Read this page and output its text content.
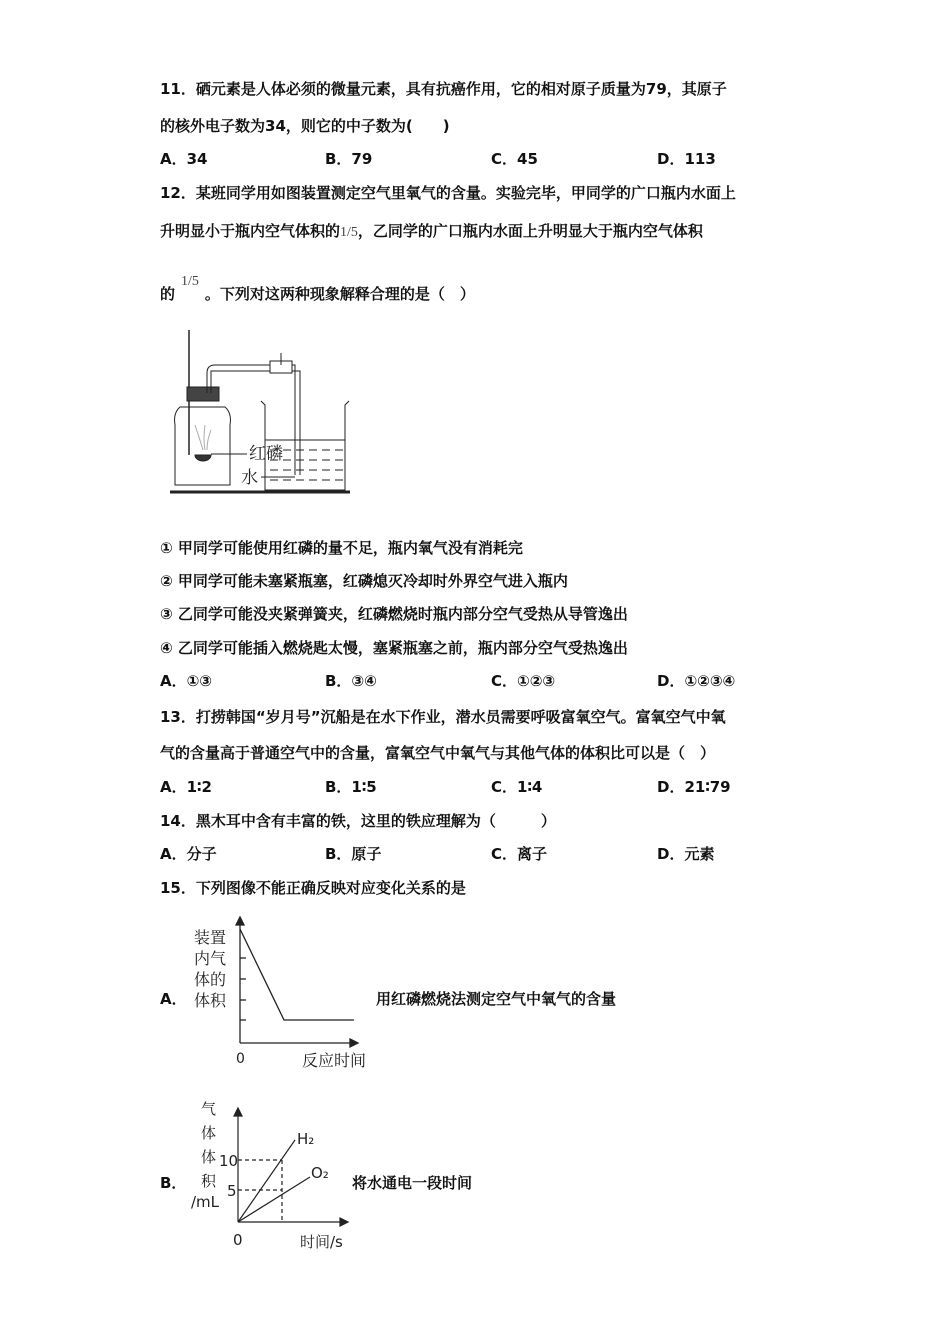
11．硒元素是人体必须的微量元素，具有抗癌作用，它的相对原子质量为79，其原子
的核外电子数为34，则它的中子数为(　　)
A．34	B．79	C．45	D．113
12．某班同学用如图装置测定空气里氧气的含量。实验完毕，甲同学的广口瓶内水面上
升明显小于瓶内空气体积的1/5，乙同学的广口瓶内水面上升明显大于瓶内空气体积
的1/5。下列对这两种现象解释合理的是（　）
红磷
水
① 甲同学可能使用红磷的量不足，瓶内氧气没有消耗完
② 甲同学可能未塞紧瓶塞，红磷熄灭冷却时外界空气进入瓶内
③ 乙同学可能没夹紧弹簧夹，红磷燃烧时瓶内部分空气受热从导管逸出
④ 乙同学可能插入燃烧匙太慢，塞紧瓶塞之前，瓶内部分空气受热逸出
A．①③	B．③④	C．①②③	D．①②③④
13．打捞韩国“岁月号”沉船是在水下作业，潜水员需要呼吸富氧空气。富氧空气中氧
气的含量高于普通空气中的含量，富氧空气中氧气与其他气体的体积比可以是（　）
A．1∶2	B．1∶5	C．1∶4	D．21∶79
14．黑木耳中含有丰富的铁，这里的铁应理解为（　　　）
A．分子	B．原子	C．离子	D．元素
15．下列图像不能正确反映对应变化关系的是
A．
装置
内气
体的
体积
0	反应时间
用红磷燃烧法测定空气中氧气的含量
B．
气
体
体
积
/mL
10
5
H₂
O₂
0	时间/s
将水通电一段时间
